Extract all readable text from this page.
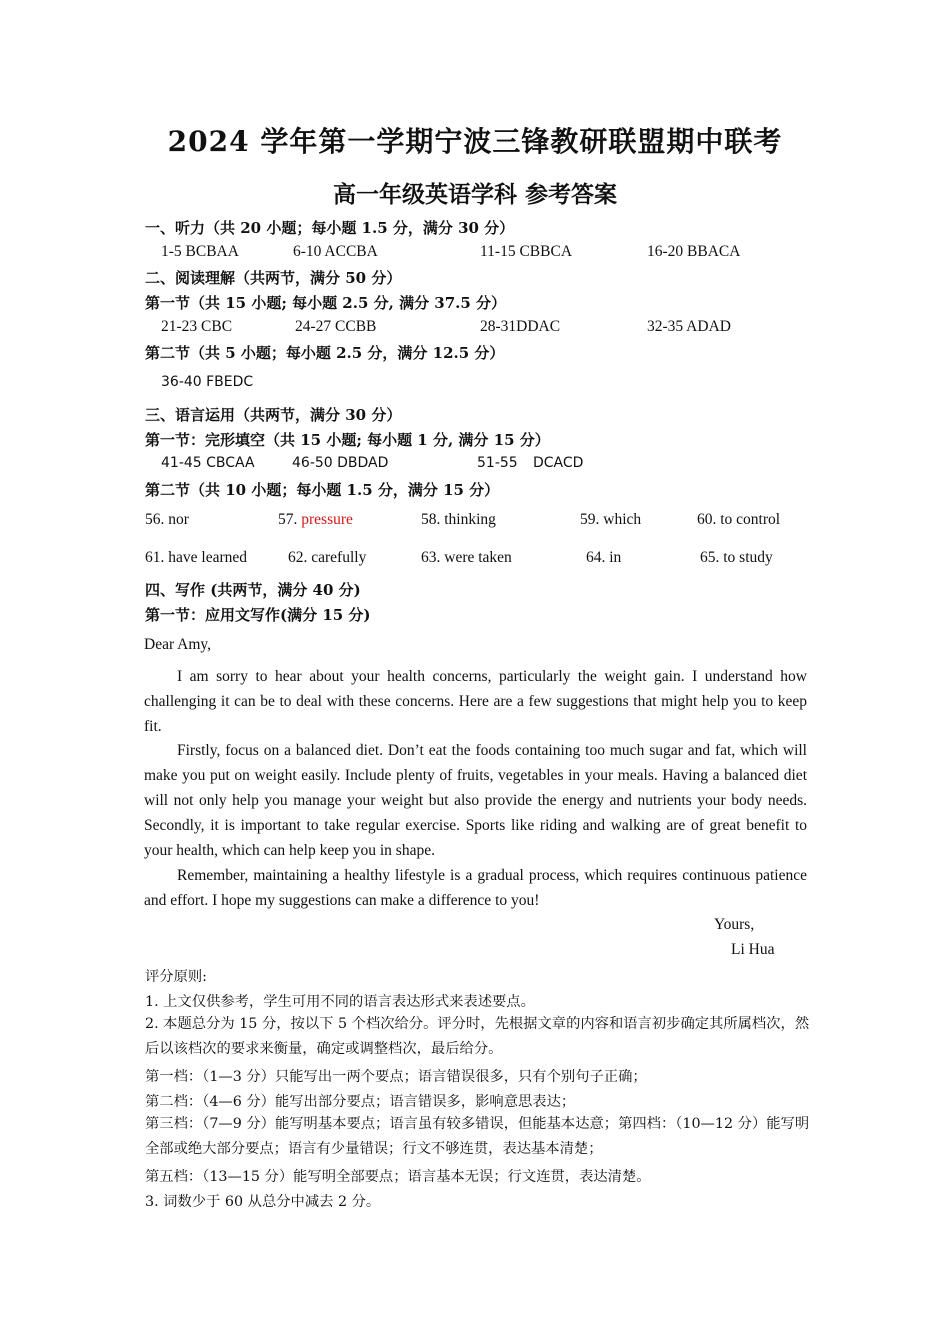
2024 学年第一学期宁波三锋教研联盟期中联考
高一年级英语学科 参考答案
一、听力（共 20 小题；每小题 1.5 分，满分 30 分）
1-5 BCBAA	6-10 ACCBA	11-15 CBBCA	16-20 BBACA
二、阅读理解（共两节，满分 50 分）
第一节（共 15 小题; 每小题 2.5 分, 满分 37.5 分）
21-23 CBC	24-27 CCBB	28-31DDAC	32-35 ADAD
第二节（共 5 小题；每小题 2.5 分，满分 12.5 分）
36-40 FBEDC
三、语言运用（共两节，满分 30 分）
第一节：完形填空（共 15 小题; 每小题 1 分, 满分 15 分）
41-45 CBCAA	46-50 DBDAD	51-55 DCACD
第二节（共 10 小题；每小题 1.5 分，满分 15 分）
56. nor	57. pressure	58. thinking	59. which	60. to control
61. have learned	62. carefully	63. were taken	64. in	65. to study
四、写作 (共两节，满分 40 分)
第一节：应用文写作(满分 15 分)
Dear Amy,
I am sorry to hear about your health concerns, particularly the weight gain. I understand how challenging it can be to deal with these concerns. Here are a few suggestions that might help you to keep fit.
Firstly, focus on a balanced diet. Don’t eat the foods containing too much sugar and fat, which will make you put on weight easily. Include plenty of fruits, vegetables in your meals. Having a balanced diet will not only help you manage your weight but also provide the energy and nutrients your body needs. Secondly, it is important to take regular exercise. Sports like riding and walking are of great benefit to your health, which can help keep you in shape.
Remember, maintaining a healthy lifestyle is a gradual process, which requires continuous patience and effort. I hope my suggestions can make a difference to you!
Yours,
Li Hua
评分原则:
1. 上文仅供参考，学生可用不同的语言表达形式来表述要点。
2. 本题总分为 15 分，按以下 5 个档次给分。评分时，先根据文章的内容和语言初步确定其所属档次，然后以该档次的要求来衡量，确定或调整档次，最后给分。
第一档：（1—3 分）只能写出一两个要点；语言错误很多，只有个别句子正确；
第二档：（4—6 分）能写出部分要点；语言错误多，影响意思表达；
第三档：（7—9 分）能写明基本要点；语言虽有较多错误，但能基本达意；第四档：（10—12 分）能写明全部或绝大部分要点；语言有少量错误；行文不够连贯，表达基本清楚；
第五档：（13—15 分）能写明全部要点；语言基本无误；行文连贯，表达清楚。
3. 词数少于 60 从总分中减去 2 分。
